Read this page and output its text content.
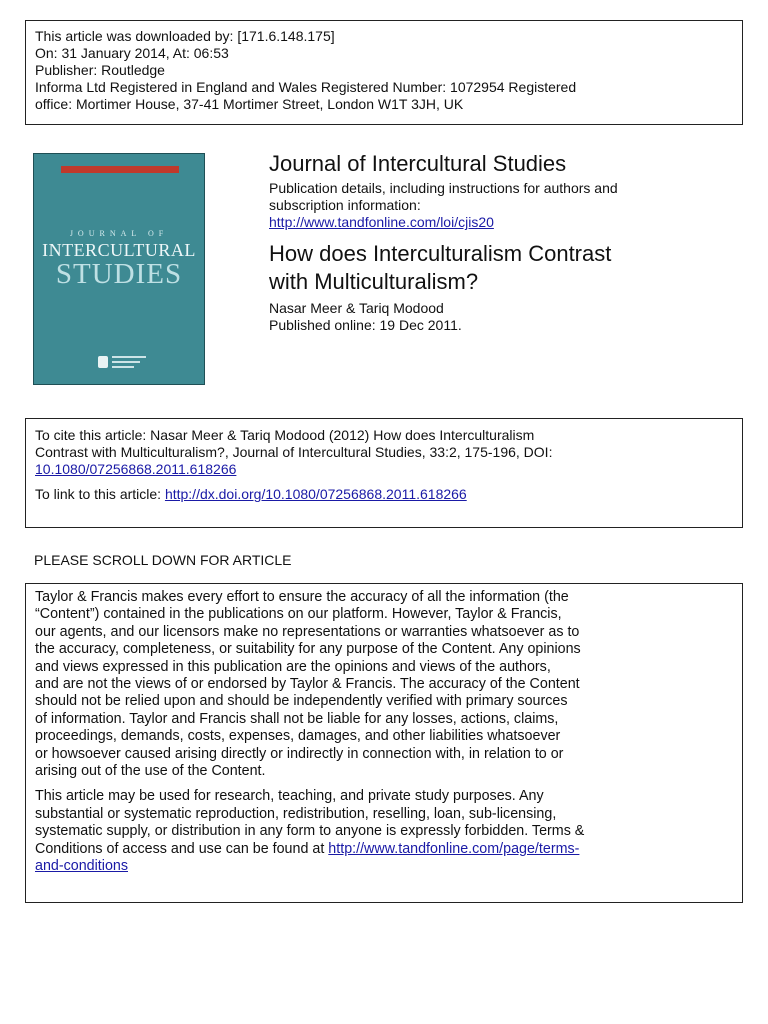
This article was downloaded by: [171.6.148.175]
On: 31 January 2014, At: 06:53
Publisher: Routledge
Informa Ltd Registered in England and Wales Registered Number: 1072954 Registered
office: Mortimer House, 37-41 Mortimer Street, London W1T 3JH, UK
JOURNAL OF
INTERCULTURAL
STUDIES
Journal of Intercultural Studies
Publication details, including instructions for authors and
subscription information:
http://www.tandfonline.com/loi/cjis20
How does Interculturalism Contrast
with Multiculturalism?
Nasar Meer & Tariq Modood
Published online: 19 Dec 2011.
To cite this article: Nasar Meer & Tariq Modood (2012) How does Interculturalism
Contrast with Multiculturalism?, Journal of Intercultural Studies, 33:2, 175-196, DOI:
10.1080/07256868.2011.618266
To link to this article: http://dx.doi.org/10.1080/07256868.2011.618266
PLEASE SCROLL DOWN FOR ARTICLE

Taylor & Francis makes every effort to ensure the accuracy of all the information (the
“Content”) contained in the publications on our platform. However, Taylor & Francis,
our agents, and our licensors make no representations or warranties whatsoever as to
the accuracy, completeness, or suitability for any purpose of the Content. Any opinions
and views expressed in this publication are the opinions and views of the authors,
and are not the views of or endorsed by Taylor & Francis. The accuracy of the Content
should not be relied upon and should be independently verified with primary sources
of information. Taylor and Francis shall not be liable for any losses, actions, claims,
proceedings, demands, costs, expenses, damages, and other liabilities whatsoever
or howsoever caused arising directly or indirectly in connection with, in relation to or
arising out of the use of the Content.

This article may be used for research, teaching, and private study purposes. Any
substantial or systematic reproduction, redistribution, reselling, loan, sub-licensing,
systematic supply, or distribution in any form to anyone is expressly forbidden. Terms &
Conditions of access and use can be found at http://www.tandfonline.com/page/terms-
and-conditions
